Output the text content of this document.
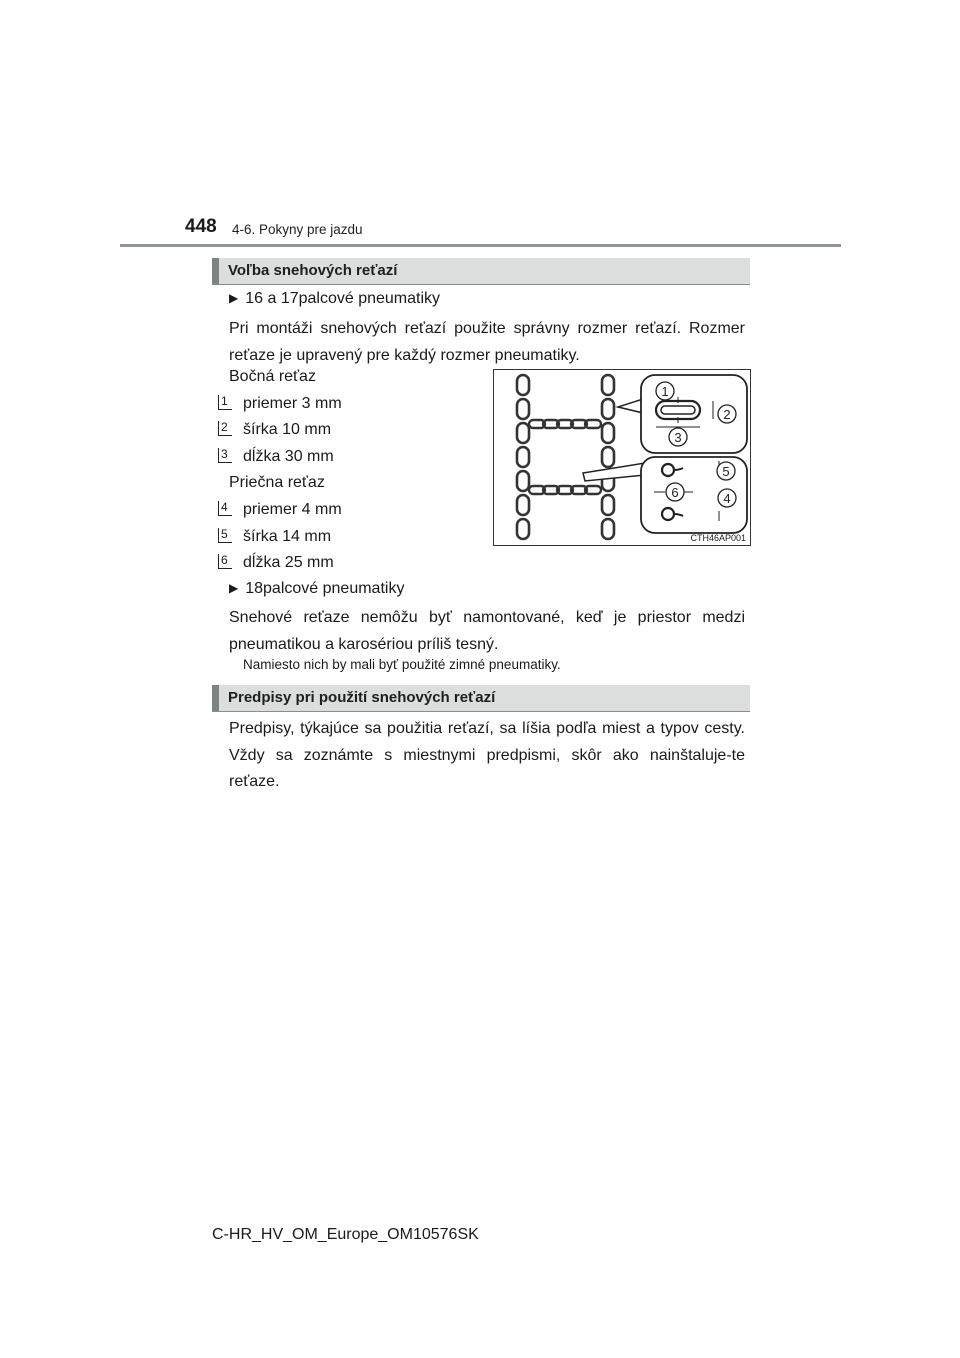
448 4-6. Pokyny pre jazdu
Voľba snehových reťazí
▶ 16 a 17palcové pneumatiky
Pri montáži snehových reťazí použite správny rozmer reťazí. Rozmer reťaze je upravený pre každý rozmer pneumatiky.
Bočná reťaz
1 priemer 3 mm
2 šírka 10 mm
3 dĺžka 30 mm
Priečna reťaz
4 priemer 4 mm
5 šírka 14 mm
6 dĺžka 25 mm
▶ 18palcové pneumatiky
Snehové reťaze nemôžu byť namontované, keď je priestor medzi pneumatikou a karosériou príliš tesný.
Namiesto nich by mali byť použité zimné pneumatiky.
Predpisy pri použití snehových reťazí
Predpisy, týkajúce sa použitia reťazí, sa líšia podľa miest a typov cesty. Vždy sa zoznámte s miestnymi predpismi, skôr ako nainštaluje-te reťaze.
1
2
3
5
6	4
CTH46AP001
C-HR_HV_OM_Europe_OM10576SK
